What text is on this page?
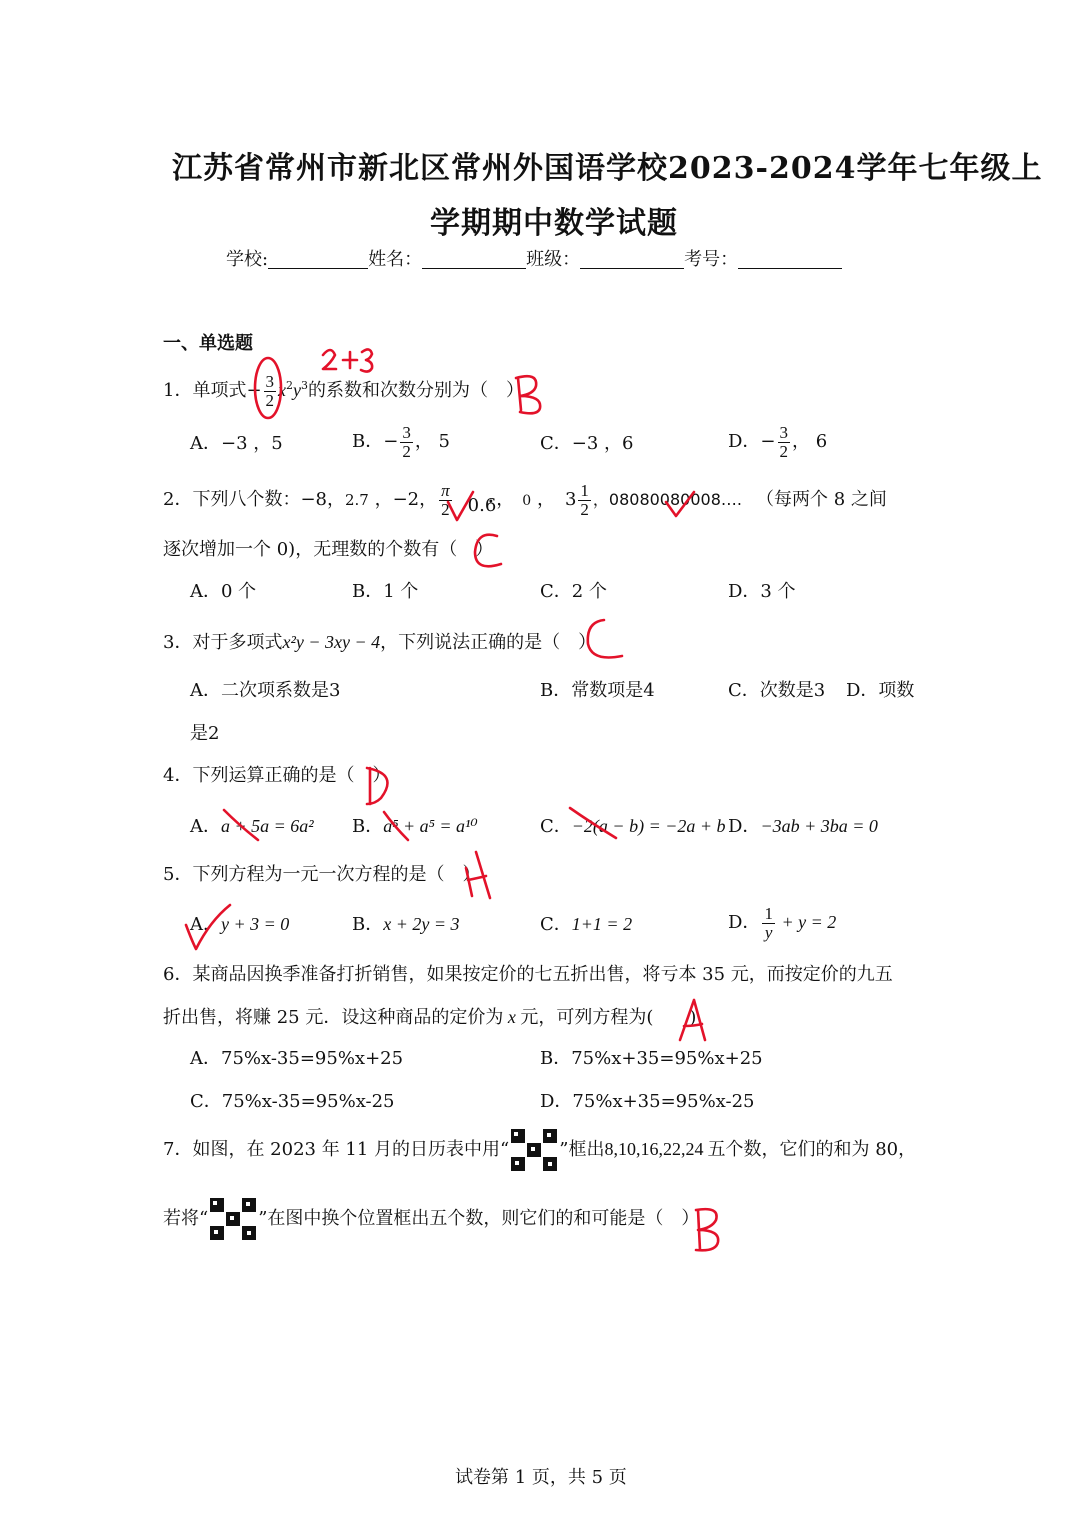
江苏省常州市新北区常州外国语学校2023-2024学年七年级上
学期期中数学试题
学校:	姓名：	班级：	考号：
一、单选题
1．单项式− $\frac{3}{2} x^2y^3$的系数和次数分别为（　）
A．−3 ，5	B．− $\frac{3}{2}$ ， 5	C．−3 ，6	D．− $\frac{3}{2}$ ， 6
2．下列八个数：−8，2.7 ，−2， $\frac{\pi}{2}$ 0.• 6， 0 ， $3 \frac{1}{2}$ ，08080080008…. （每两个 8 之间
逐次增加一个 0)，无理数的个数有（　）
A．0 个	B．1 个	C．2 个	D．3 个
3．对于多项式x²y − 3xy − 4，下列说法正确的是（　）
A．二次项系数是3	B．常数项是4	C．次数是3 D．项数
是2
4．下列运算正确的是（　）
A．a + 5a = 6a² B．a⁵ + a⁵ = a¹⁰	C．−2(a − b) = −2a + b D．−3ab + 3ba = 0
5．下列方程为一元一次方程的是（　）
A．y + 3 = 0	B．x + 2y = 3	C．1+1 = 2	D． $\frac{1}{y} + y = 2$
6．某商品因换季准备打折销售，如果按定价的七五折出售，将亏本 35 元，而按定价的九五
折出售，将赚 25 元．设这种商品的定价为 x 元，可列方程为(　　)
A．75%x-35=95%x+25	B．75%x+35=95%x+25
C．75%x-35=95%x-25	D．75%x+35=95%x-25
7．如图，在 2023 年 11 月的日历表中用“	”框出8,10,16,22,24 五个数，它们的和为 80，
若将“	”在图中换个位置框出五个数，则它们的和可能是（　）
试卷第 1 页，共 5 页
